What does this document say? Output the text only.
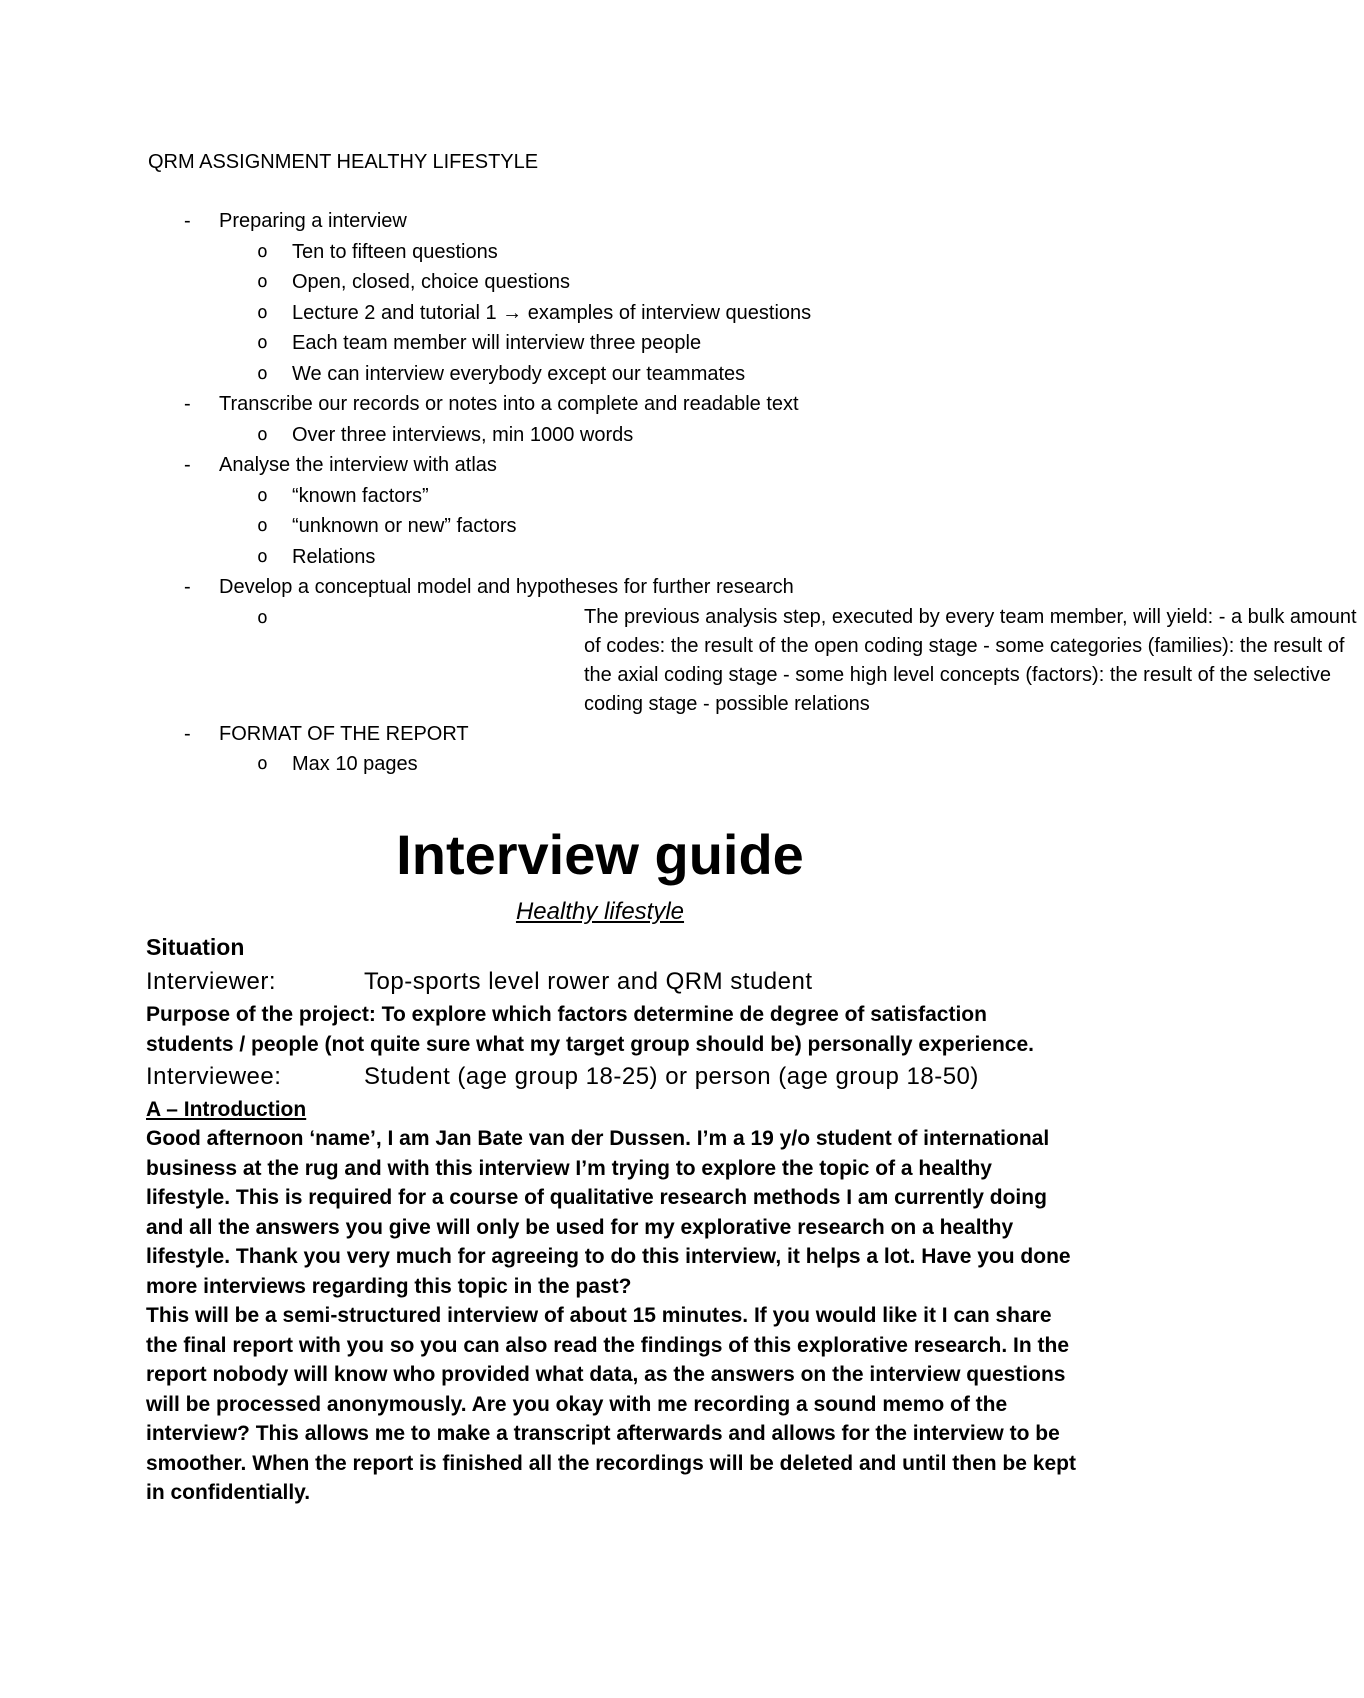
QRM ASSIGNMENT HEALTHY LIFESTYLE
- Preparing a interview
o Ten to fifteen questions
o Open, closed, choice questions
o Lecture 2 and tutorial 1 → examples of interview questions
o Each team member will interview three people
o We can interview everybody except our teammates
- Transcribe our records or notes into a complete and readable text
o Over three interviews, min 1000 words
- Analyse the interview with atlas
o “known factors”
o “unknown or new” factors
o Relations
- Develop a conceptual model and hypotheses for further research
o	The previous analysis step, executed by every team member, will yield: - a bulk amount of codes: the result of the open coding stage - some categories (families): the result of the axial coding stage - some high level concepts (factors): the result of the selective coding stage - possible relations
- FORMAT OF THE REPORT
o Max 10 pages
Interview guide
Healthy lifestyle
Situation
Interviewer:	Top-sports level rower and QRM student

Purpose of the project: To explore which factors determine de degree of satisfaction students / people (not quite sure what my target group should be) personally experience.

Interviewee:	Student (age group 18-25) or person (age group 18-50)
A – Introduction

Good afternoon ‘name’, I am Jan Bate van der Dussen. I’m a 19 y/o student of international business at the rug and with this interview I’m trying to explore the topic of a healthy lifestyle. This is required for a course of qualitative research methods I am currently doing and all the answers you give will only be used for my explorative research on a healthy lifestyle. Thank you very much for agreeing to do this interview, it helps a lot. Have you done more interviews regarding this topic in the past?

This will be a semi-structured interview of about 15 minutes. If you would like it I can share the final report with you so you can also read the findings of this explorative research. In the report nobody will know who provided what data, as the answers on the interview questions will be processed anonymously. Are you okay with me recording a sound memo of the interview? This allows me to make a transcript afterwards and allows for the interview to be smoother. When the report is finished all the recordings will be deleted and until then be kept in confidentially.
